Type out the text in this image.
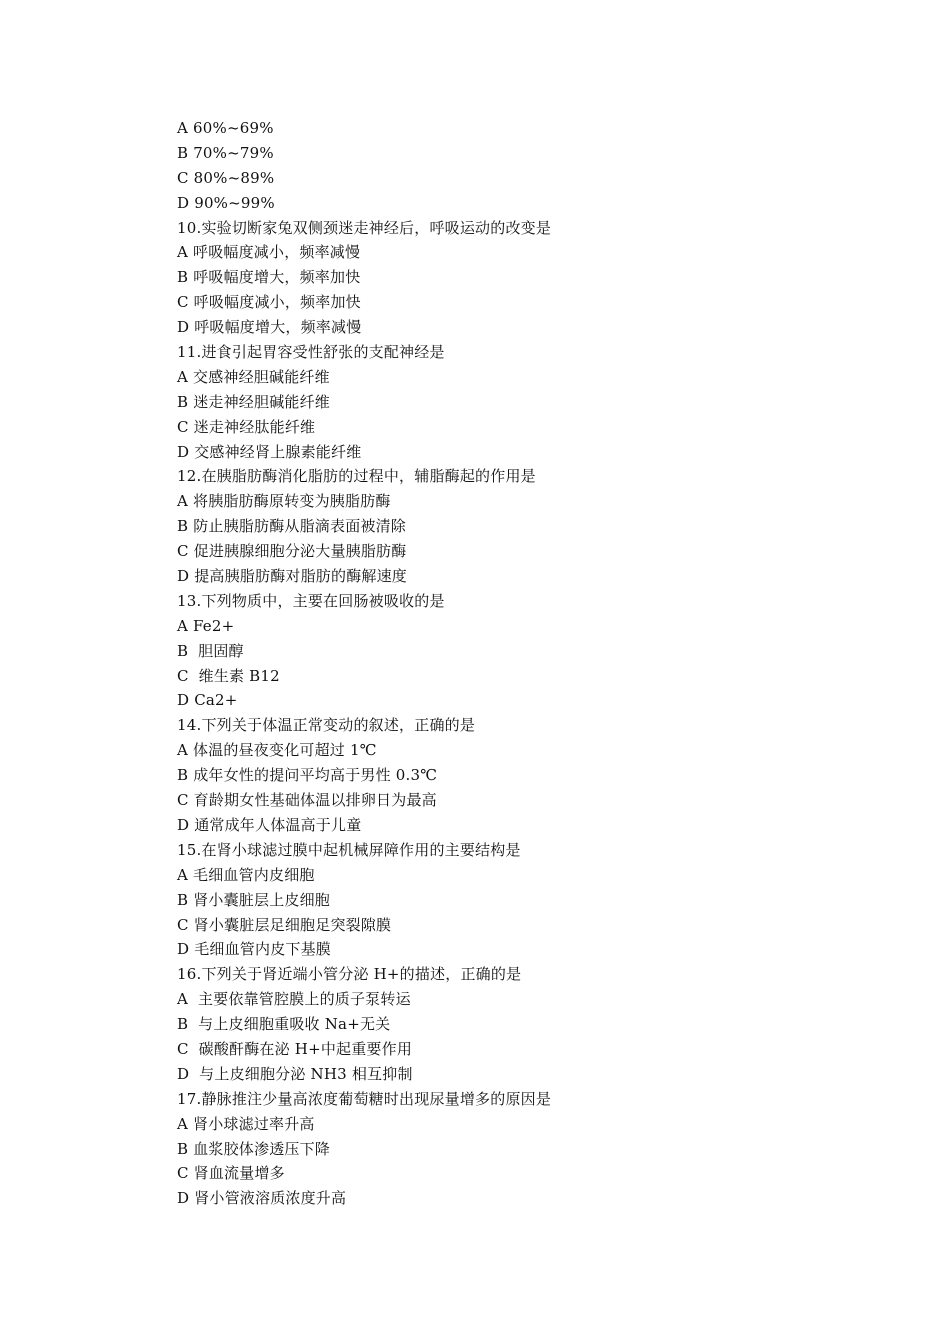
A 60%~69%
B 70%~79%
C 80%~89%
D 90%~99%
10.实验切断家兔双侧颈迷走神经后，呼吸运动的改变是
A 呼吸幅度减小，频率减慢
B 呼吸幅度增大，频率加快
C 呼吸幅度减小，频率加快
D 呼吸幅度增大，频率减慢
11.进食引起胃容受性舒张的支配神经是
A 交感神经胆碱能纤维
B 迷走神经胆碱能纤维
C 迷走神经肽能纤维
D 交感神经肾上腺素能纤维
12.在胰脂肪酶消化脂肪的过程中，辅脂酶起的作用是
A 将胰脂肪酶原转变为胰脂肪酶
B 防止胰脂肪酶从脂滴表面被清除
C 促进胰腺细胞分泌大量胰脂肪酶
D 提高胰脂肪酶对脂肪的酶解速度
13.下列物质中，主要在回肠被吸收的是
A Fe2+
B  胆固醇
C  维生素 B12
D Ca2+
14.下列关于体温正常变动的叙述，正确的是
A 体温的昼夜变化可超过 1℃
B 成年女性的提问平均高于男性 0.3℃
C 育龄期女性基础体温以排卵日为最高
D 通常成年人体温高于儿童
15.在肾小球滤过膜中起机械屏障作用的主要结构是
A 毛细血管内皮细胞
B 肾小囊脏层上皮细胞
C 肾小囊脏层足细胞足突裂隙膜
D 毛细血管内皮下基膜
16.下列关于肾近端小管分泌 H+的描述，正确的是
A  主要依靠管腔膜上的质子泵转运
B  与上皮细胞重吸收 Na+无关
C  碳酸酐酶在泌 H+中起重要作用
D  与上皮细胞分泌 NH3 相互抑制
17.静脉推注少量高浓度葡萄糖时出现尿量增多的原因是
A 肾小球滤过率升高
B 血浆胶体渗透压下降
C 肾血流量增多
D 肾小管液溶质浓度升高
